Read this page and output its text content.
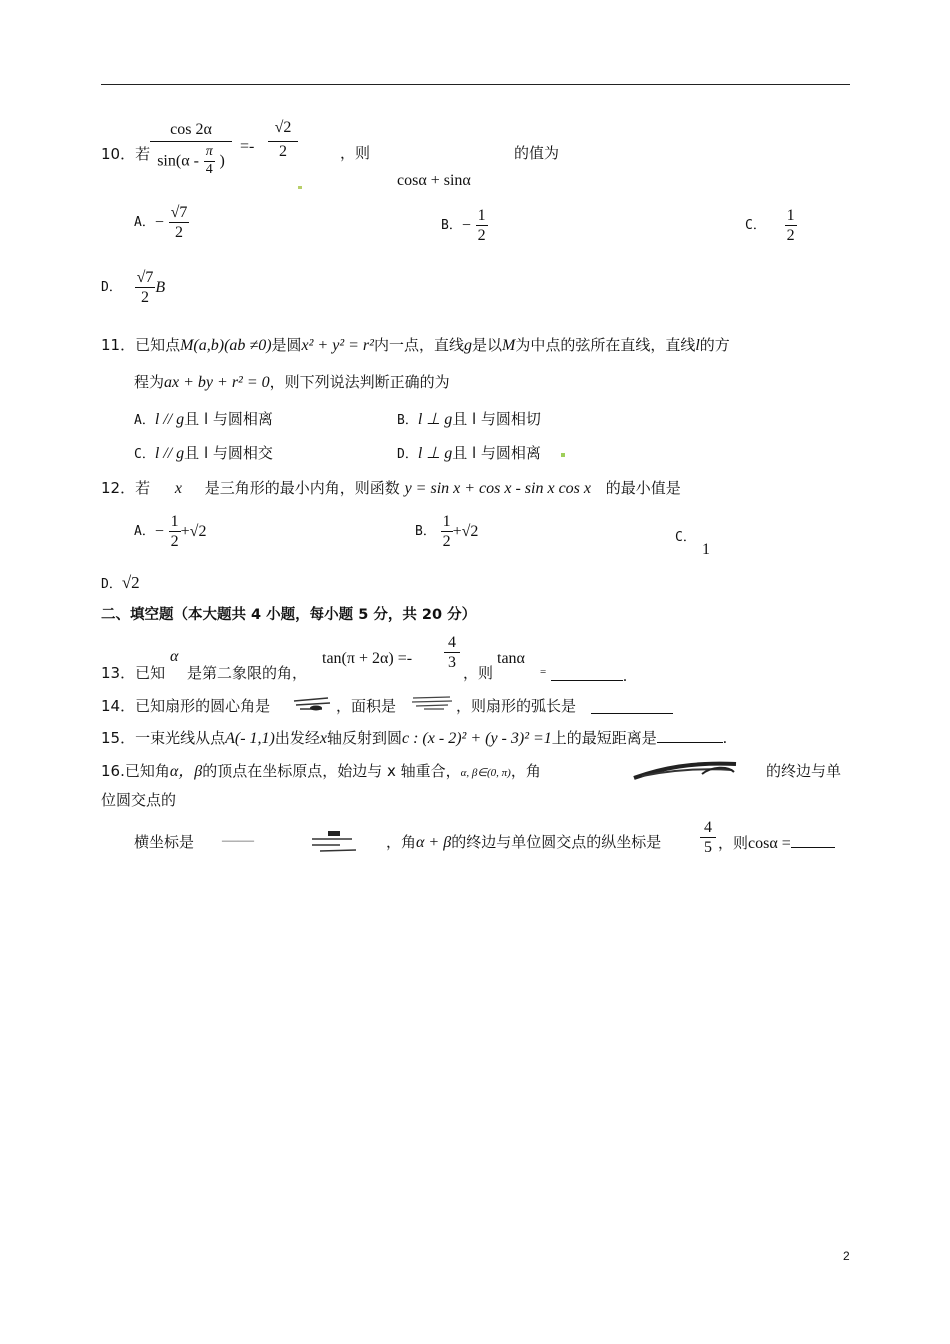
10．若 $\frac{\cos 2\alpha}{\sin(\alpha - \frac{\pi}{4} )}$ =-
√2
2	，则	的值为
cosα + sinα
A．− $\frac{√7}{2}$	B．− $\frac{1}{2}$	C． $\frac{1}{2}$
D． $\frac{√7}{2}$ B
11．已知点M(a,b)(ab ≠0)是圆x² + y² = r²内一点，直线g是以M为中点的弦所在直线，直线l的方
程为ax + by + r² = 0，则下列说法判断正确的为
A．l // g且 l 与圆相离	B．l ⊥ g且 l 与圆相切
C．l // g且 l 与圆相交	D．l ⊥ g且 l 与圆相离
12．若 x 是三角形的最小内角，则函数 y = sin x + cos x - sin x cos x 的最小值是
A．− $\frac{1}{2} +√2$	B． $\frac{1}{2} +√2$	C．
1
D．√2
二、填空题（本大题共 4 小题，每小题 5 分，共 20 分）
13．已知
α
是第二象限的角，
tan(π + 2α) =-
4
3
，则
tanα
=	.
14．已知扇形的圆心角是	，面积是	，则扇形的弧长是
15．一束光线从点A(- 1,1)出发经x轴反射到圆c : (x - 2)² + (y - 3)² =1上的最短距离是	.
16.已知角α，β的顶点在坐标原点，始边与 x 轴重合，α, β∈(0, π)，角	的终边与单
位圆交点的
横坐标是 ——	，角α + β的终边与单位圆交点的纵坐标是
4
5 ，则cosα =
2
